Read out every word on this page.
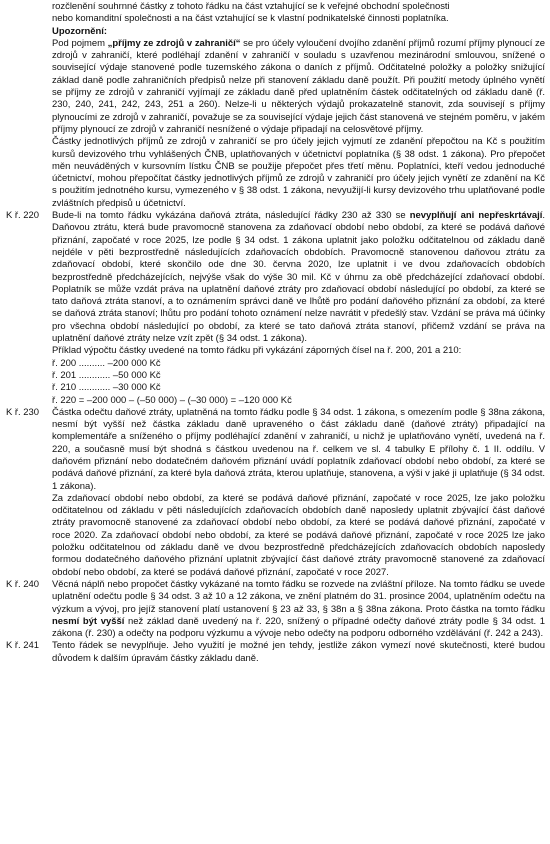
rozčlenění souhrnné částky z tohoto řádku na část vztahující se k veřejné obchodní společnosti

nebo komanditní společnosti a na část vztahující se k vlastní podnikatelské činnosti poplatníka.

Upozornění:

Pod pojmem „příjmy ze zdrojů v zahraničí“ se pro účely vyloučení dvojího zdanění příjmů rozumí příjmy plynoucí ze zdrojů v zahraničí, které podléhají zdanění v zahraničí v souladu s uzavřenou mezinárodní smlouvou, snížené o související výdaje stanovené podle tuzemského zákona o daních z příjmů. Odčitatelné položky a položky snižující základ daně podle zahraničních předpisů nelze při stanovení základu daně použít. Při použití metody úplného vynětí se příjmy ze zdrojů v zahraničí vyjímají ze základu daně před uplatněním částek odčitatelných od základu daně (ř. 230, 240, 241, 242, 243, 251 a 260). Nelze-li u některých výdajů prokazatelně stanovit, zda souvisejí s příjmy plynoucími ze zdrojů v zahraničí, považuje se za související výdaje jejich část stanovená ve stejném poměru, v jakém příjmy plynoucí ze zdrojů v zahraničí nesnížené o výdaje připadají na celosvětové příjmy.

Částky jednotlivých příjmů ze zdrojů v zahraničí se pro účely jejich vyjmutí ze zdanění přepočtou na Kč s použitím kursů devizového trhu vyhlášených ČNB, uplatňovaných v účetnictví poplatníka (§ 38 odst. 1 zákona). Pro přepočet měn neuváděných v kursovním lístku ČNB se použije přepočet přes třetí měnu. Poplatníci, kteří vedou jednoduché účetnictví, mohou přepočítat částky jednotlivých příjmů ze zdrojů v zahraničí pro účely jejich vynětí ze zdanění na Kč s použitím jednotného kursu, vymezeného v § 38 odst. 1 zákona, nevyužijí-li kursy devizového trhu uplatňované podle zvláštních předpisů u účetnictví.

K ř. 220	Bude-li na tomto řádku vykázána daňová ztráta, následující řádky 230 až 330 se nevyplňují ani nepřeskrtávají. Daňovou ztrátu, která bude pravomocně stanovena za zdaňovací období nebo období, za které se podává daňové přiznání, započaté v roce 2025, lze podle § 34 odst. 1 zákona uplatnit jako položku odčitatelnou od základu daně nejdéle v pěti bezprostředně následujících zdaňovacích obdobích. Pravomocně stanovenou daňovou ztrátu za zdaňovací období, které skončilo ode dne 30. června 2020, lze uplatnit i ve dvou zdaňovacích obdobích bezprostředně předcházejících, nejvýše však do výše 30 mil. Kč v úhrnu za obě předcházející zdaňovací období. Poplatník se může vzdát práva na uplatnění daňové ztráty pro zdaňovací období následující po období, za které se tato daňová ztráta stanoví, a to oznámením správci daně ve lhůtě pro podání daňového přiznání za období, za které se daňová ztráta stanoví; lhůtu pro podání tohoto oznámení nelze navrátit v předešlý stav. Vzdání se práva má účinky pro všechna období následující po období, za které se tato daňová ztráta stanoví, přičemž vzdání se práva na uplatnění daňové ztráty nelze vzít zpět (§ 34 odst. 1 zákona).

Příklad výpočtu částky uvedené na tomto řádku při vykázání záporných čísel na ř. 200, 201 a 210:

ř. 200 .......... –200 000 Kč

ř. 201 ............ –50 000 Kč

ř. 210 ............ –30 000 Kč

ř. 220 = –200 000 – (–50 000) – (–30 000) = –120 000 Kč

K ř. 230	Částka odečtu daňové ztráty, uplatněná na tomto řádku podle § 34 odst. 1 zákona, s omezením podle § 38na zákona, nesmí být vyšší než částka základu daně upraveného o část základu daně (daňové ztráty) připadající na komplementáře a sníženého o příjmy podléhající zdanění v zahraničí, u nichž je uplatňováno vynětí, uvedená na ř. 220, a současně musí být shodná s částkou uvedenou na ř. celkem ve sl. 4 tabulky E přílohy č. 1 II. oddílu. V daňovém přiznání nebo dodatečném daňovém přiznání uvádí poplatník zdaňovací období nebo období, za které se podává daňové přiznání, za které byla daňová ztráta, kterou uplatňuje, stanovena, a výši v jaké ji uplatňuje (§ 34 odst. 1 zákona).

Za zdaňovací období nebo období, za které se podává daňové přiznání, započaté v roce 2025, lze jako položku odčitatelnou od základu v pěti následujících zdaňovacích obdobích daně naposledy uplatnit zbývající část daňové ztráty pravomocně stanovené za zdaňovací období nebo období, za které se podává daňové přiznání, započaté v roce 2020. Za zdaňovací období nebo období, za které se podává daňové přiznání, započaté v roce 2025 lze jako položku odčitatelnou od základu daně ve dvou bezprostředně předcházejících zdaňovacích obdobích naposledy formou dodatečného daňového přiznání uplatnit zbývající část daňové ztráty pravomocně stanovené za zdaňovací období nebo období, za které se podává daňové přiznání, započaté v roce 2027.

K ř. 240	Věcná náplň nebo propočet částky vykázané na tomto řádku se rozvede na zvláštní příloze. Na tomto řádku se uvede uplatnění odečtu podle § 34 odst. 3 až 10 a 12 zákona, ve znění platném do 31. prosince 2004, uplatněním odečtu na výzkum a vývoj, pro jejíž stanovení platí ustanovení § 23 až 33, § 38n a § 38na zákona. Proto částka na tomto řádku nesmí být vyšší než základ daně uvedený na ř. 220, snížený o případné odečty daňové ztráty podle § 34 odst. 1 zákona (ř. 230) a odečty na podporu výzkumu a vývoje nebo odečty na podporu odborného vzdělávání (ř. 242 a 243).

K ř. 241	Tento řádek se nevyplňuje. Jeho využití je možné jen tehdy, jestliže zákon vymezí nové skutečnosti, které budou důvodem k dalším úpravám částky základu daně.
